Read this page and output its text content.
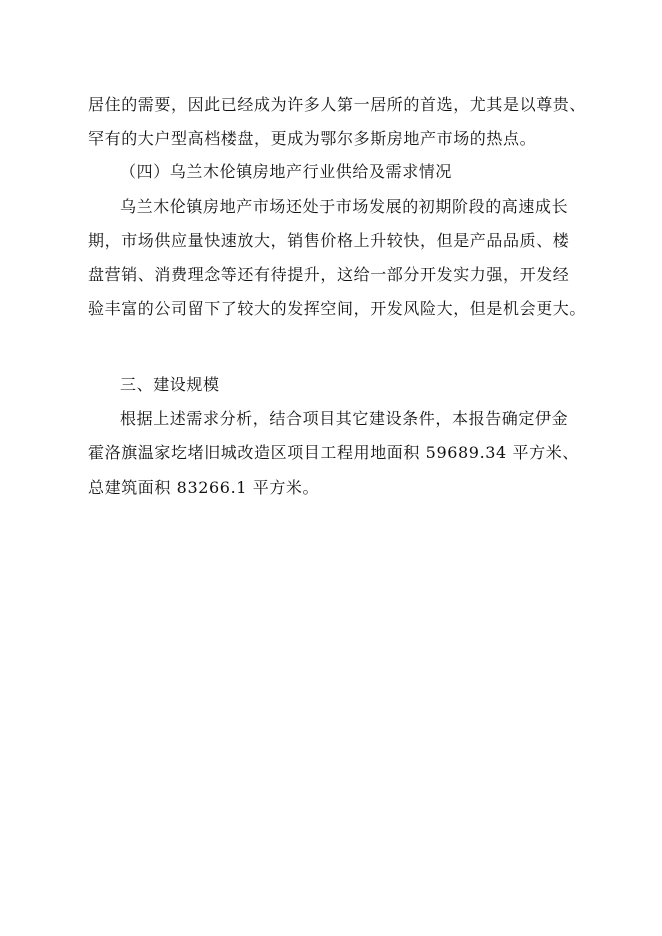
居住的需要，因此已经成为许多人第一居所的首选，尤其是以尊贵、
罕有的大户型高档楼盘，更成为鄂尔多斯房地产市场的热点。
（四）乌兰木伦镇房地产行业供给及需求情况
乌兰木伦镇房地产市场还处于市场发展的初期阶段的高速成长
期，市场供应量快速放大，销售价格上升较快，但是产品品质、楼
盘营销、消费理念等还有待提升，这给一部分开发实力强，开发经
验丰富的公司留下了较大的发挥空间，开发风险大，但是机会更大。
三、建设规模
根据上述需求分析，结合项目其它建设条件，本报告确定伊金
霍洛旗温家圪堵旧城改造区项目工程用地面积 59689.34 平方米、
总建筑面积 83266.1 平方米。
